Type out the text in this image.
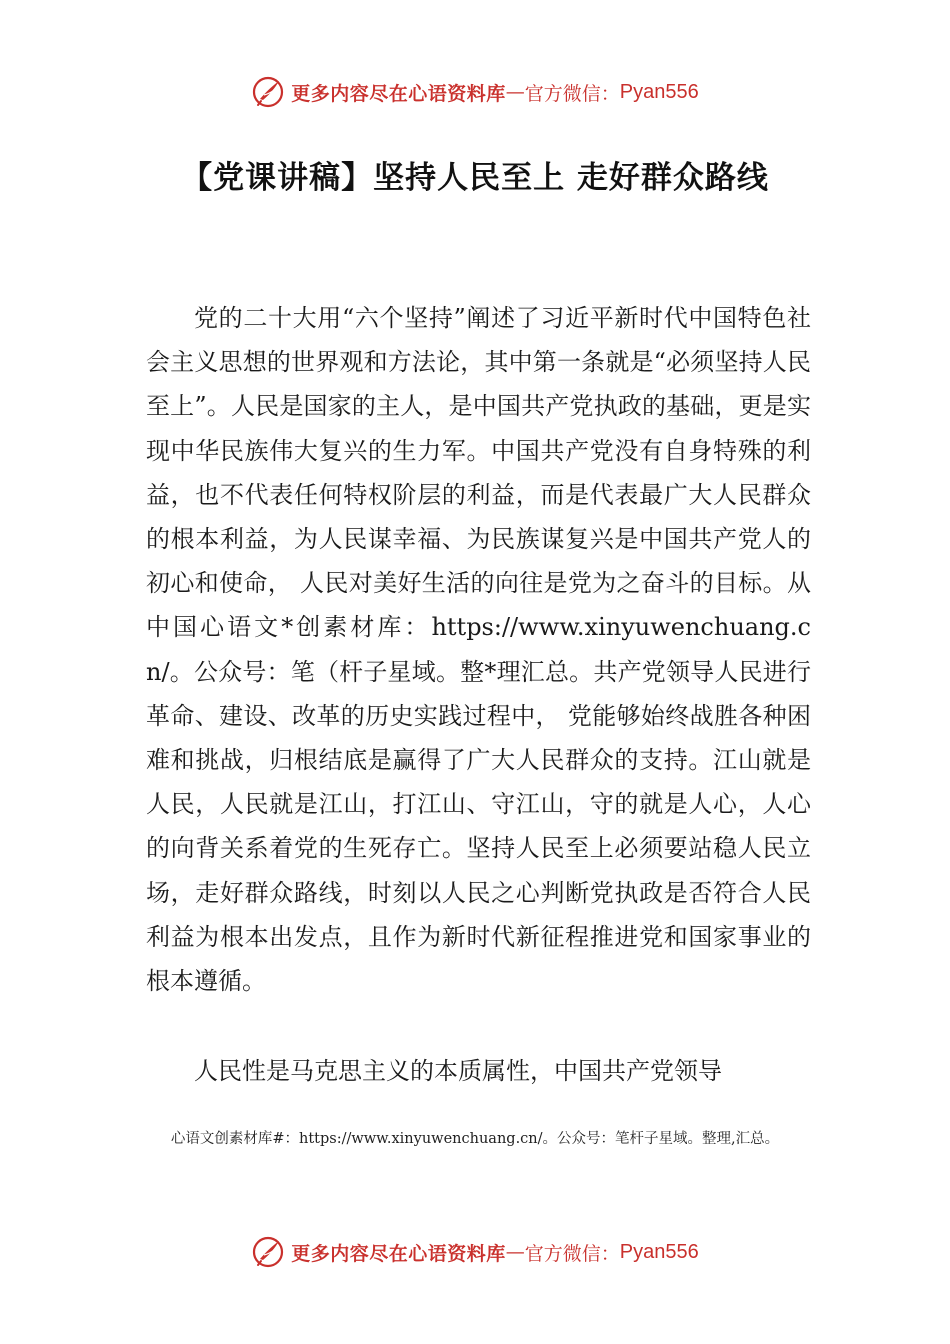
更多内容尽在心语资料库 — 官方微信： Pyan556
【党课讲稿】坚持人民至上 走好群众路线

党的二十大用“六个坚持”阐述了习近平新时代中国特色社会主义思想的世界观和方法论，其中第一条就是“必须坚持人民至上”。人民是国家的主人，是中国共产党执政的基础，更是实现中华民族伟大复兴的生力军。中国共产党没有自身特殊的利益，也不代表任何特权阶层的利益，而是代表最广大人民群众的根本利益，为人民谋幸福、为民族谋复兴是中国共产党人的初心和使命， 人民对美好生活的向往是党为之奋斗的目标。从中国心语文*创素材库：https://www.xinyuwenchuang.cn/。公众号：笔（杆子星域。整*理汇总。共产党领导人民进行革命、建设、改革的历史实践过程中， 党能够始终战胜各种困难和挑战，归根结底是赢得了广大人民群众的支持。江山就是人民，人民就是江山，打江山、守江山，守的就是人心，人心的向背关系着党的生死存亡。坚持人民至上必须要站稳人民立场，走好群众路线，时刻以人民之心判断党执政是否符合人民利益为根本出发点，且作为新时代新征程推进党和国家事业的根本遵循。

人民性是马克思主义的本质属性，中国共产党领导

心语文创素材库#：https://www.xinyuwenchuang.cn/。公众号：笔杆子星域。整理,汇总。
更多内容尽在心语资料库 — 官方微信： Pyan556
